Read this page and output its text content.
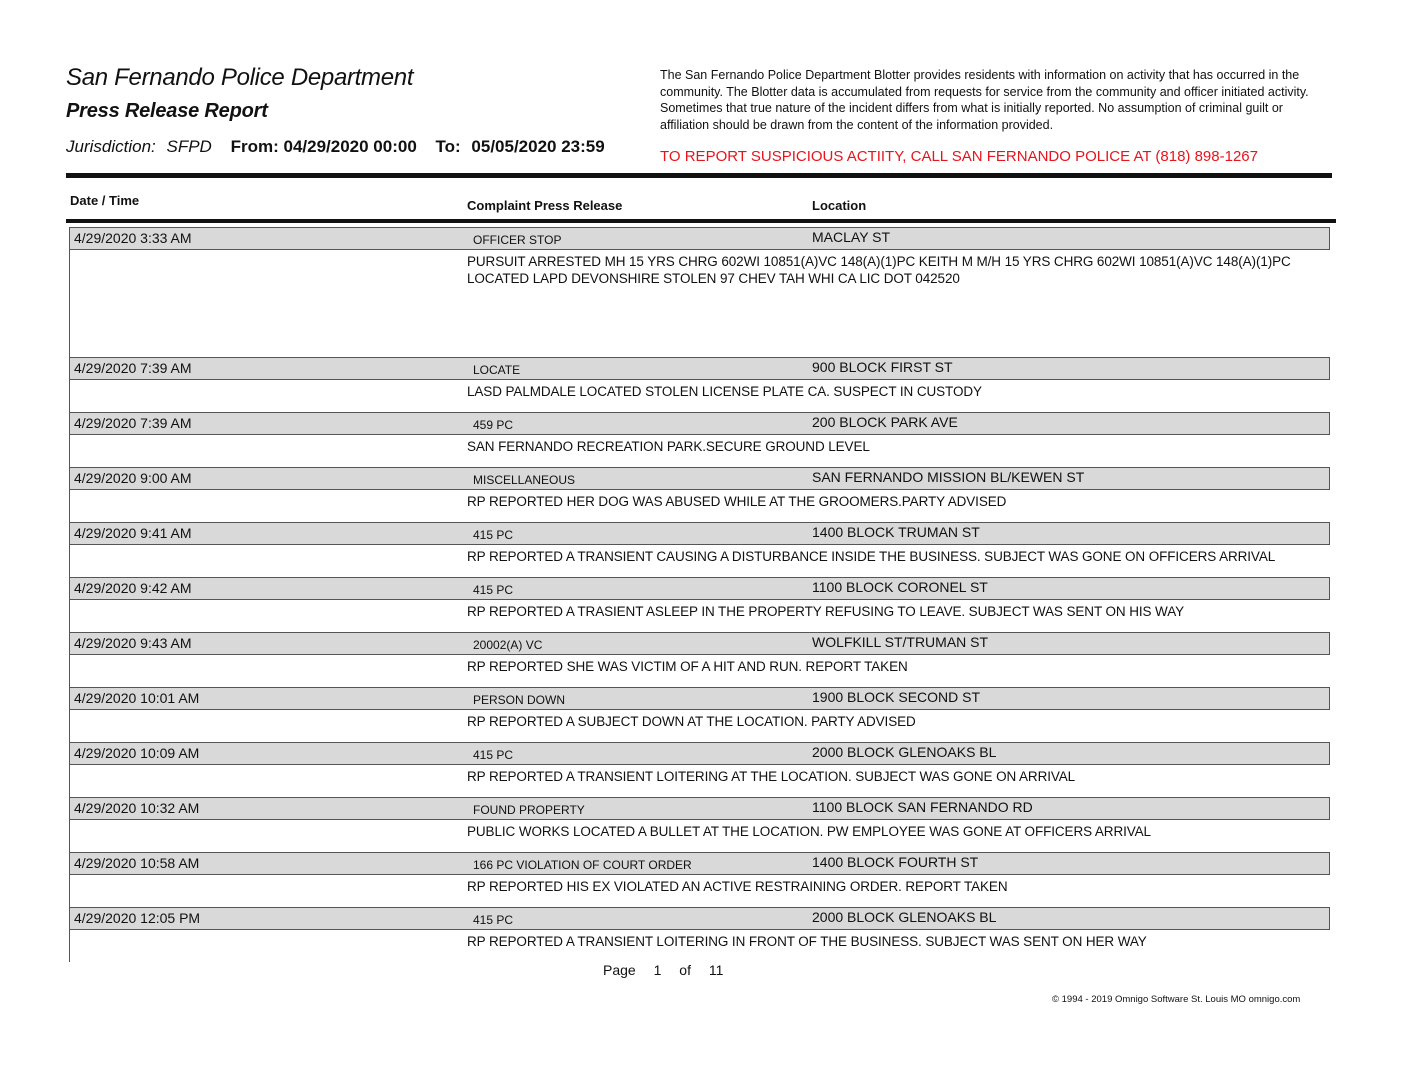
San Fernando Police Department
Press Release Report
Jurisdiction: SFPD From: 04/29/2020 00:00 To: 05/05/2020 23:59
The San Fernando Police Department Blotter provides residents with information on activity that has occurred in the community. The Blotter data is accumulated from requests for service from the community and officer initiated activity. Sometimes that true nature of the incident differs from what is initially reported. No assumption of criminal guilt or affiliation should be drawn from the content of the information provided.
TO REPORT SUSPICIOUS ACTIITY, CALL SAN FERNANDO POLICE AT (818) 898-1267
Date / Time	Complaint Press Release	Location
4/29/2020 3:33 AM	OFFICER STOP	MACLAY ST
PURSUIT ARRESTED MH 15 YRS CHRG 602WI 10851(A)VC 148(A)(1)PC KEITH M M/H 15 YRS CHRG 602WI 10851(A)VC 148(A)(1)PC LOCATED LAPD DEVONSHIRE STOLEN 97 CHEV TAH WHI CA LIC DOT 042520
4/29/2020 7:39 AM	LOCATE	900 BLOCK FIRST ST
LASD PALMDALE LOCATED STOLEN LICENSE PLATE CA. SUSPECT IN CUSTODY
4/29/2020 7:39 AM	459 PC	200 BLOCK PARK AVE
SAN FERNANDO RECREATION PARK.SECURE GROUND LEVEL
4/29/2020 9:00 AM	MISCELLANEOUS	SAN FERNANDO MISSION BL/KEWEN ST
RP REPORTED HER DOG WAS ABUSED WHILE AT THE GROOMERS.PARTY ADVISED
4/29/2020 9:41 AM	415 PC	1400 BLOCK TRUMAN ST
RP REPORTED A TRANSIENT CAUSING A DISTURBANCE INSIDE THE BUSINESS. SUBJECT WAS GONE ON OFFICERS ARRIVAL
4/29/2020 9:42 AM	415 PC	1100 BLOCK CORONEL ST
RP REPORTED A TRASIENT ASLEEP IN THE PROPERTY REFUSING TO LEAVE. SUBJECT WAS SENT ON HIS WAY
4/29/2020 9:43 AM	20002(A) VC	WOLFKILL ST/TRUMAN ST
RP REPORTED SHE WAS VICTIM OF A HIT AND RUN. REPORT TAKEN
4/29/2020 10:01 AM	PERSON DOWN	1900 BLOCK SECOND ST
RP REPORTED A SUBJECT DOWN AT THE LOCATION. PARTY ADVISED
4/29/2020 10:09 AM	415 PC	2000 BLOCK GLENOAKS BL
RP REPORTED A TRANSIENT LOITERING AT THE LOCATION. SUBJECT WAS GONE ON ARRIVAL
4/29/2020 10:32 AM	FOUND PROPERTY	1100 BLOCK SAN FERNANDO RD
PUBLIC WORKS LOCATED A BULLET AT THE LOCATION. PW EMPLOYEE WAS GONE AT OFFICERS ARRIVAL
4/29/2020 10:58 AM	166 PC VIOLATION OF COURT ORDER	1400 BLOCK FOURTH ST
RP REPORTED HIS EX VIOLATED AN ACTIVE RESTRAINING ORDER. REPORT TAKEN
4/29/2020 12:05 PM	415 PC	2000 BLOCK GLENOAKS BL
RP REPORTED A TRANSIENT LOITERING IN FRONT OF THE BUSINESS. SUBJECT WAS SENT ON HER WAY
Page 1 of 11
© 1994 - 2019 Omnigo Software St. Louis MO omnigo.com
